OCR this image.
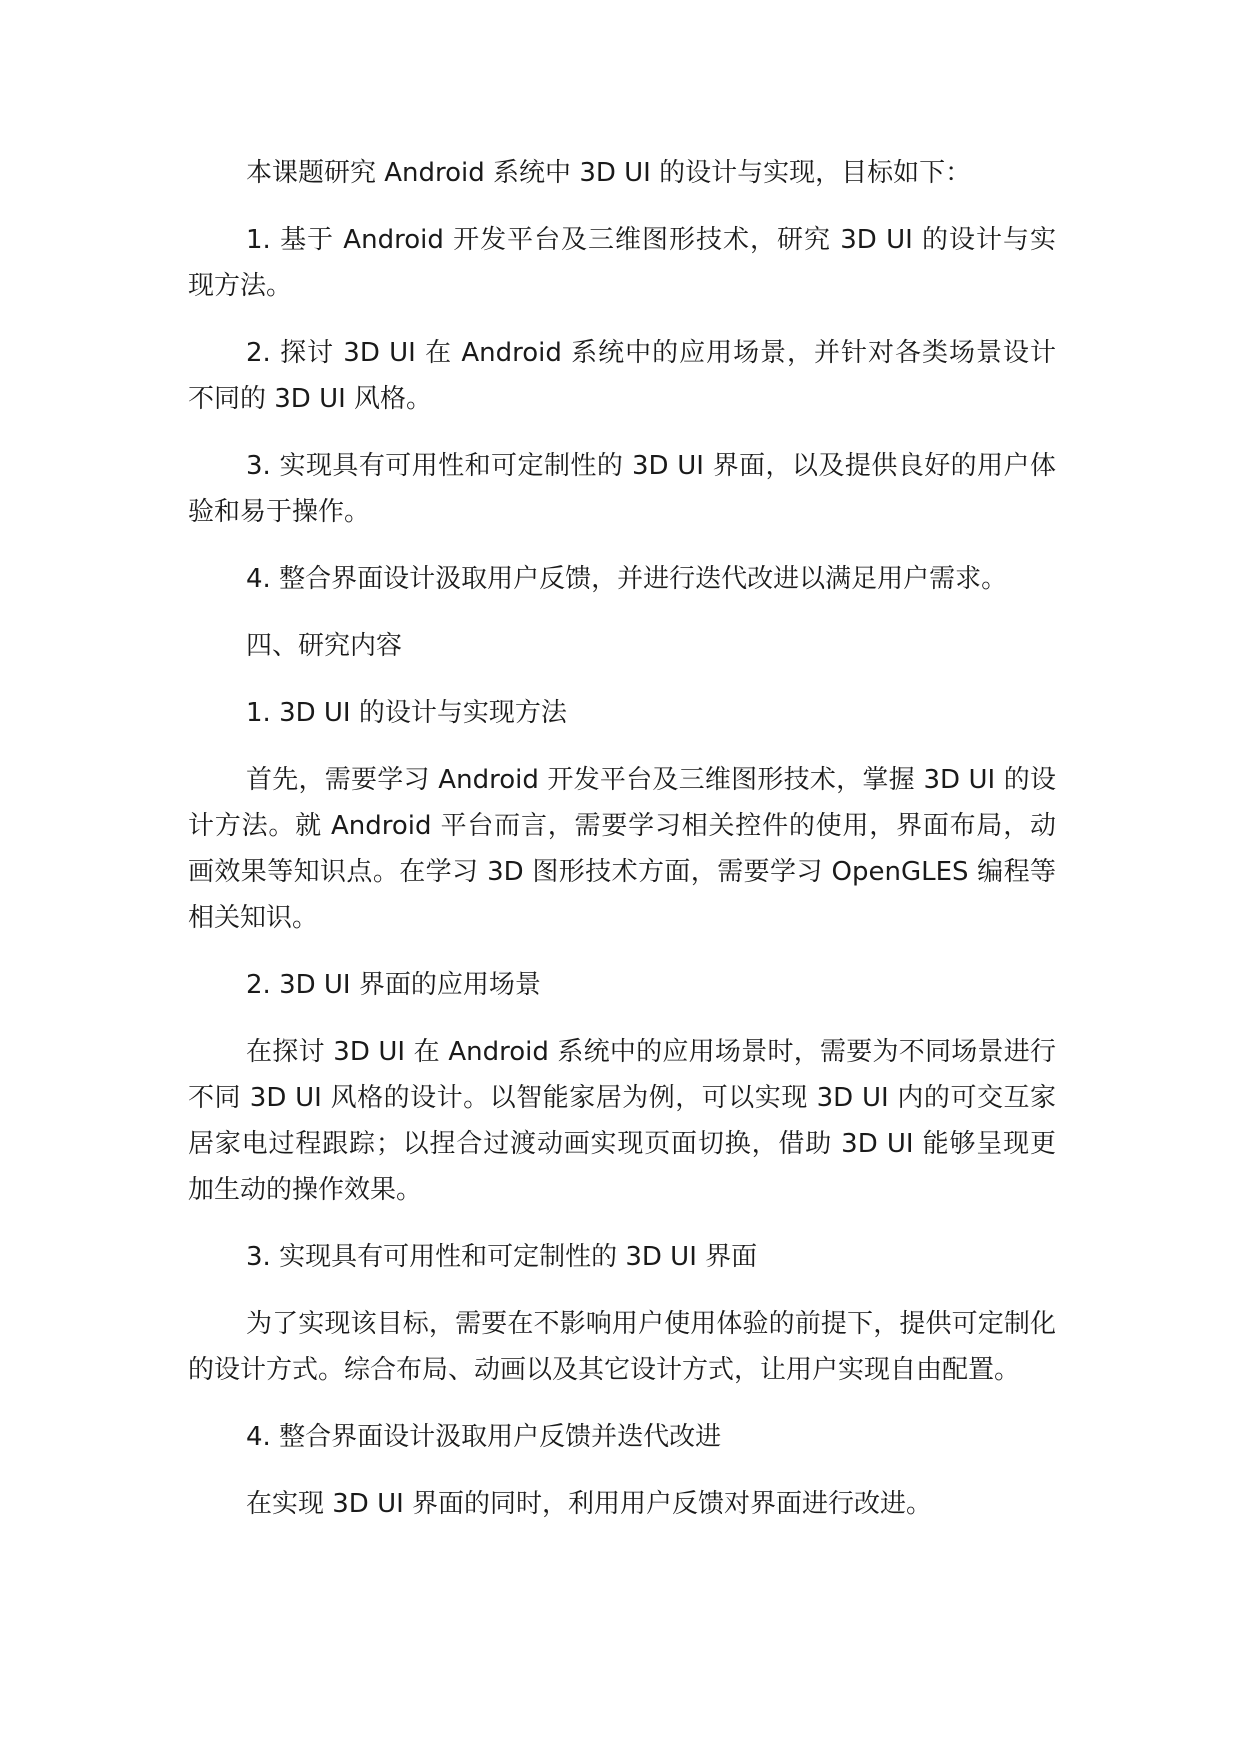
本课题研究 Android 系统中 3D UI 的设计与实现，目标如下：

1. 基于 Android 开发平台及三维图形技术，研究 3D UI 的设计与实现方法。

2. 探讨 3D UI 在 Android 系统中的应用场景，并针对各类场景设计不同的 3D UI 风格。

3. 实现具有可用性和可定制性的 3D UI 界面，以及提供良好的用户体验和易于操作。

4. 整合界面设计汲取用户反馈，并进行迭代改进以满足用户需求。

四、研究内容

1. 3D UI 的设计与实现方法

首先，需要学习 Android 开发平台及三维图形技术，掌握 3D UI 的设计方法。就 Android 平台而言，需要学习相关控件的使用，界面布局，动画效果等知识点。在学习 3D 图形技术方面，需要学习 OpenGLES 编程等相关知识。

2. 3D UI 界面的应用场景

在探讨 3D UI 在 Android 系统中的应用场景时，需要为不同场景进行不同 3D UI 风格的设计。以智能家居为例，可以实现 3D UI 内的可交互家居家电过程跟踪；以捏合过渡动画实现页面切换，借助 3D UI 能够呈现更加生动的操作效果。

3. 实现具有可用性和可定制性的 3D UI 界面

为了实现该目标，需要在不影响用户使用体验的前提下，提供可定制化的设计方式。综合布局、动画以及其它设计方式，让用户实现自由配置。

4. 整合界面设计汲取用户反馈并迭代改进

在实现 3D UI 界面的同时，利用用户反馈对界面进行改进。
